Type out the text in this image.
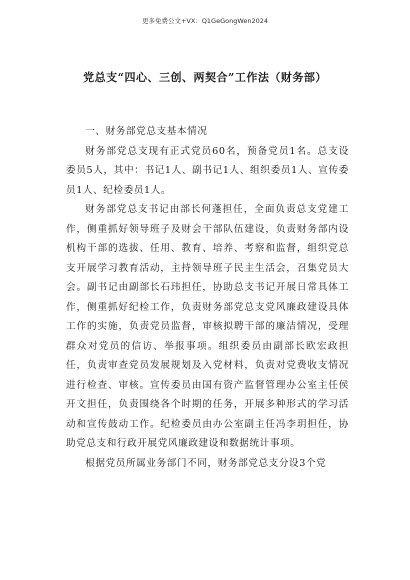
更多免费公文+VX：Q1GeGongWen2024
党总支“四心、三创、两契合”工作法（财务部）

一、财务部党总支基本情况

财务部党总支现有正式党员60名，预备党员1名。总支设委员5人，其中：书记1人、副书记1人、组织委员1人、宣传委员1人、纪检委员1人。

财务部党总支书记由部长何蓬担任，全面负责总支党建工作，侧重抓好领导班子及财会干部队伍建设，负责财务部内设机构干部的选拔、任用、教育、培养、考察和监督，组织党总支开展学习教育活动，主持领导班子民主生活会，召集党员大会。副书记由副部长石玮担任，协助总支书记开展日常具体工作，侧重抓好纪检工作，负责财务部党总支党风廉政建设具体工作的实施，负责党员监督，审核拟聘干部的廉洁情况，受理群众对党员的信访、举报事项。组织委员由副部长欧宏政担任，负责审查党员发展规划及入党材料，负责对党费收支情况进行检查、审核。宣传委员由国有资产监督管理办公室主任侯开文担任，负责围绕各个时期的任务，开展多种形式的学习活动和宣传鼓动工作。纪检委员由办公室副主任冯李玥担任，协助党总支和行政开展党风廉政建设和数据统计事项。

根据党员所属业务部门不同，财务部党总支分设3个党
